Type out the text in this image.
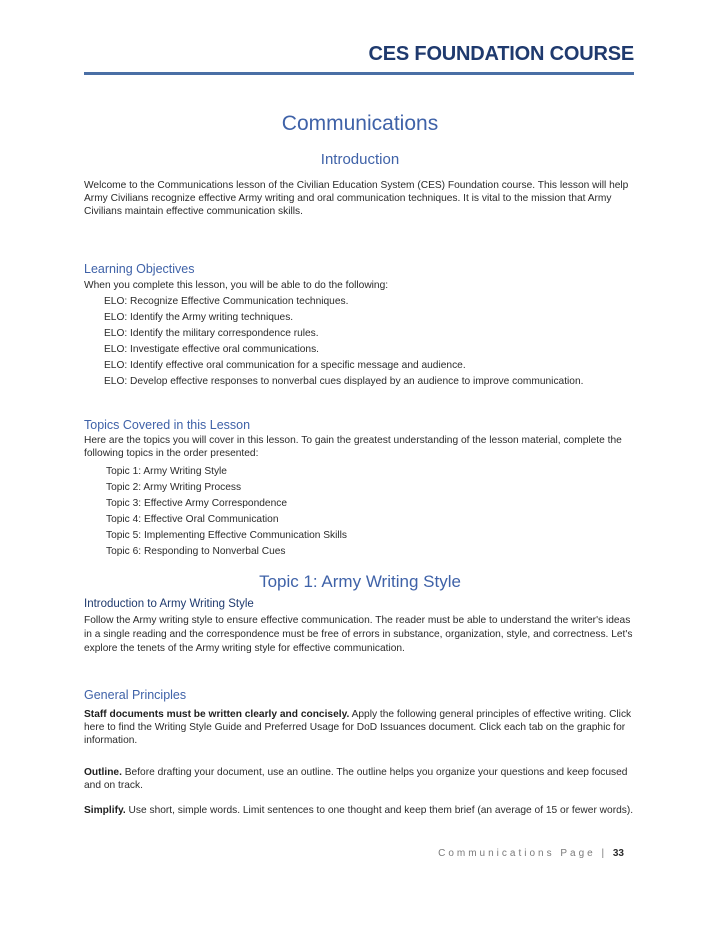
CES FOUNDATION COURSE
Communications
Introduction
Welcome to the Communications lesson of the Civilian Education System (CES) Foundation course. This lesson will help Army Civilians recognize effective Army writing and oral communication techniques. It is vital to the mission that Army Civilians maintain effective communication skills.
Learning Objectives
When you complete this lesson, you will be able to do the following:
ELO: Recognize Effective Communication techniques.
ELO: Identify the Army writing techniques.
ELO: Identify the military correspondence rules.
ELO: Investigate effective oral communications.
ELO: Identify effective oral communication for a specific message and audience.
ELO: Develop effective responses to nonverbal cues displayed by an audience to improve communication.
Topics Covered in this Lesson
Here are the topics you will cover in this lesson. To gain the greatest understanding of the lesson material, complete the following topics in the order presented:
Topic 1: Army Writing Style
Topic 2: Army Writing Process
Topic 3: Effective Army Correspondence
Topic 4: Effective Oral Communication
Topic 5: Implementing Effective Communication Skills
Topic 6: Responding to Nonverbal Cues
Topic 1: Army Writing Style
Introduction to Army Writing Style
Follow the Army writing style to ensure effective communication. The reader must be able to understand the writer's ideas in a single reading and the correspondence must be free of errors in substance, organization, style, and correctness. Let's explore the tenets of the Army writing style for effective communication.
General Principles
Staff documents must be written clearly and concisely. Apply the following general principles of effective writing. Click here to find the Writing Style Guide and Preferred Usage for DoD Issuances document. Click each tab on the graphic for information.
Outline. Before drafting your document, use an outline. The outline helps you organize your questions and keep focused and on track.
Simplify. Use short, simple words. Limit sentences to one thought and keep them brief (an average of 15 or fewer words).
Communications Page | 33
